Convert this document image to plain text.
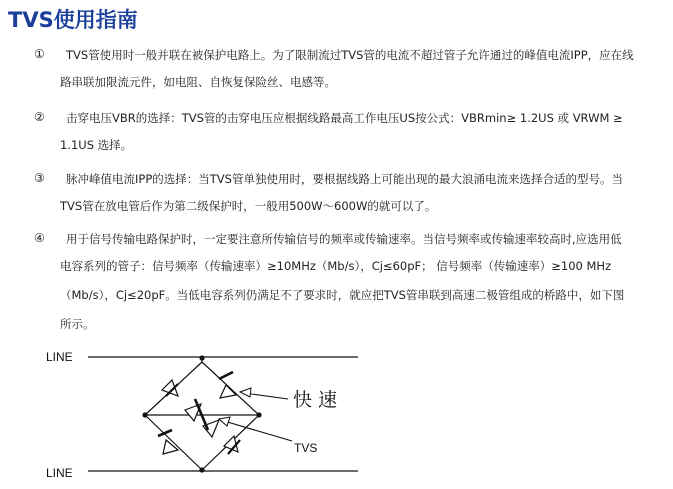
TVS使用指南
① TVS管使用时一般并联在被保护电路上。为了限制流过TVS管的电流不超过管子允许通过的峰值电流IPP，应在线
路串联加限流元件，如电阻、自恢复保险丝、电感等。
② 击穿电压VBR的选择：TVS管的击穿电压应根据线路最高工作电压US按公式：VBRmin≥ 1.2US 或 VRWM ≥
1.1US 选择。
③ 脉冲峰值电流IPP的选择：当TVS管单独使用时，要根据线路上可能出现的最大浪涌电流来选择合适的型号。当
TVS管在放电管后作为第二级保护时，一般用500W～600W的就可以了。
④ 用于信号传输电路保护时，一定要注意所传输信号的频率或传输速率。当信号频率或传输速率较高时,应选用低
电容系列的管子：信号频率（传输速率）≥10MHz（Mb/s），Cj≤60pF； 信号频率（传输速率）≥100 MHz
（Mb/s），Cj≤20pF。当低电容系列仍满足不了要求时，就应把TVS管串联到高速二极管组成的桥路中，如下图
所示。
LINE
LINE
快 速
TVS
